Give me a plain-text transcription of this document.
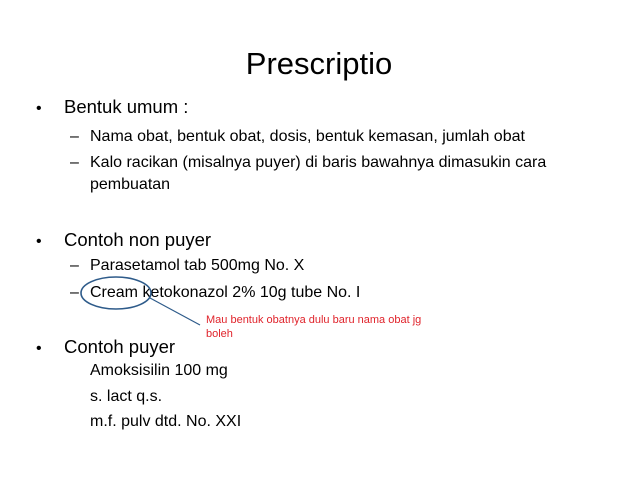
Prescriptio
• Bentuk umum :
– Nama obat, bentuk obat, dosis, bentuk kemasan, jumlah obat
– Kalo racikan (misalnya puyer) di baris bawahnya dimasukin cara
pembuatan
• Contoh non puyer
– Parasetamol tab 500mg No. X
– Cream ketokonazol 2% 10g tube No. I
Mau bentuk obatnya dulu baru nama obat jg boleh
• Contoh puyer
Amoksisilin 100 mg
s. lact q.s.
m.f. pulv dtd. No. XXI
